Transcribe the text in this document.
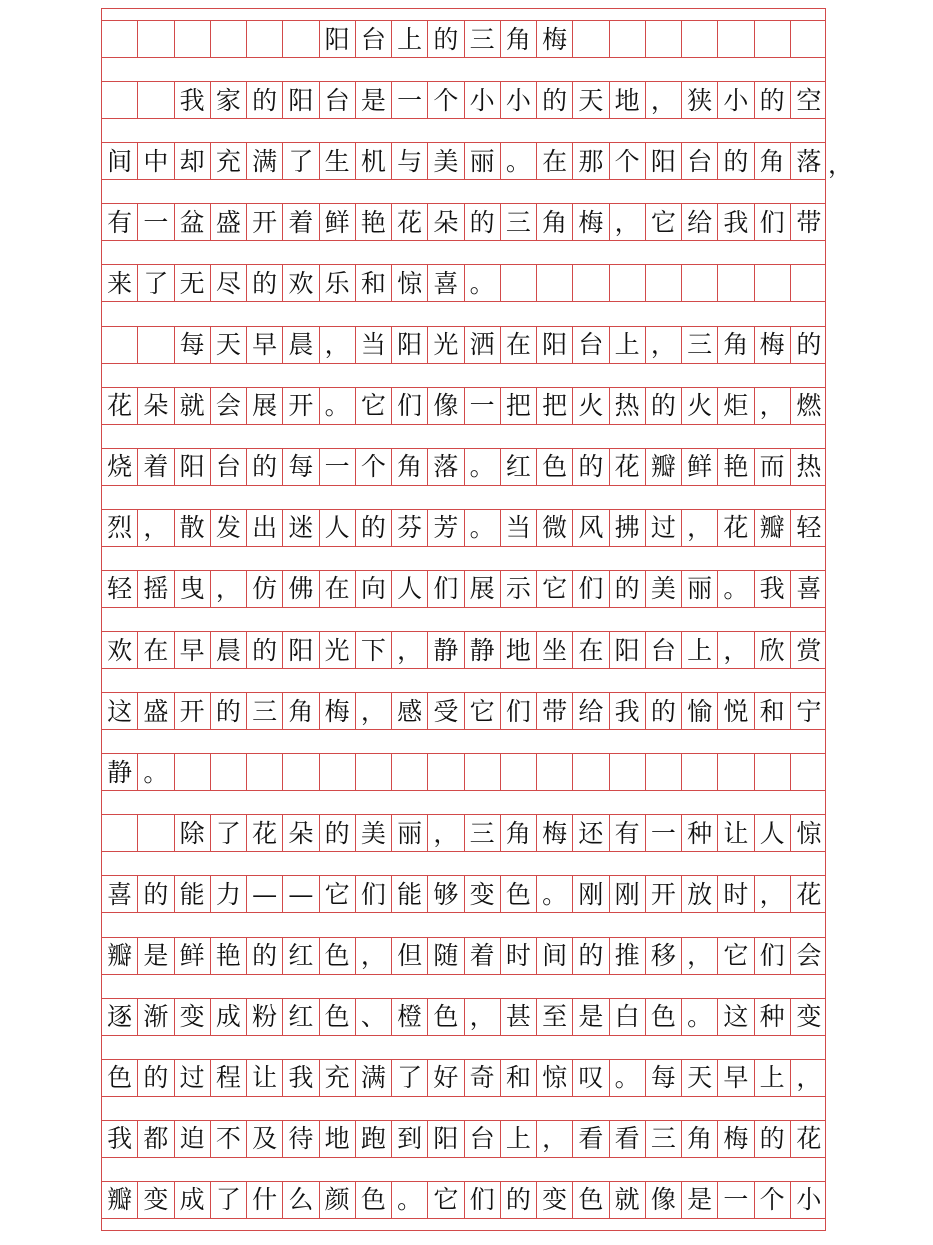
阳 台 上 的 三 角 梅
我 家 的 阳 台 是 一 个 小 小 的 天 地 ， 狭 小 的 空
间 中 却 充 满 了 生 机 与 美 丽 。 在 那 个 阳 台 的 角 落
有 一 盆 盛 开 着 鲜 艳 花 朵 的 三 角 梅 ， 它 给 我 们 带
来 了 无 尽 的 欢 乐 和 惊 喜 。
每 天 早 晨 ， 当 阳 光 洒 在 阳 台 上 ， 三 角 梅 的
花 朵 就 会 展 开 。 它 们 像 一 把 把 火 热 的 火 炬 ， 燃
烧 着 阳 台 的 每 一 个 角 落 。 红 色 的 花 瓣 鲜 艳 而 热
烈 ， 散 发 出 迷 人 的 芬 芳 。 当 微 风 拂 过 ， 花 瓣 轻
轻 摇 曳 ， 仿 佛 在 向 人 们 展 示 它 们 的 美 丽 。 我 喜
欢 在 早 晨 的 阳 光 下 ， 静 静 地 坐 在 阳 台 上 ， 欣 赏
这 盛 开 的 三 角 梅 ， 感 受 它 们 带 给 我 的 愉 悦 和 宁
静 。
除 了 花 朵 的 美 丽 ， 三 角 梅 还 有 一 种 让 人 惊
喜 的 能 力 — — 它 们 能 够 变 色 。 刚 刚 开 放 时 ， 花
瓣 是 鲜 艳 的 红 色 ， 但 随 着 时 间 的 推 移 ， 它 们 会
逐 渐 变 成 粉 红 色 、 橙 色 ， 甚 至 是 白 色 。 这 种 变
色 的 过 程 让 我 充 满 了 好 奇 和 惊 叹 。 每 天 早 上 ，
我 都 迫 不 及 待 地 跑 到 阳 台 上 ， 看 看 三 角 梅 的 花
瓣 变 成 了 什 么 颜 色 。 它 们 的 变 色 就 像 是 一 个 小
，
